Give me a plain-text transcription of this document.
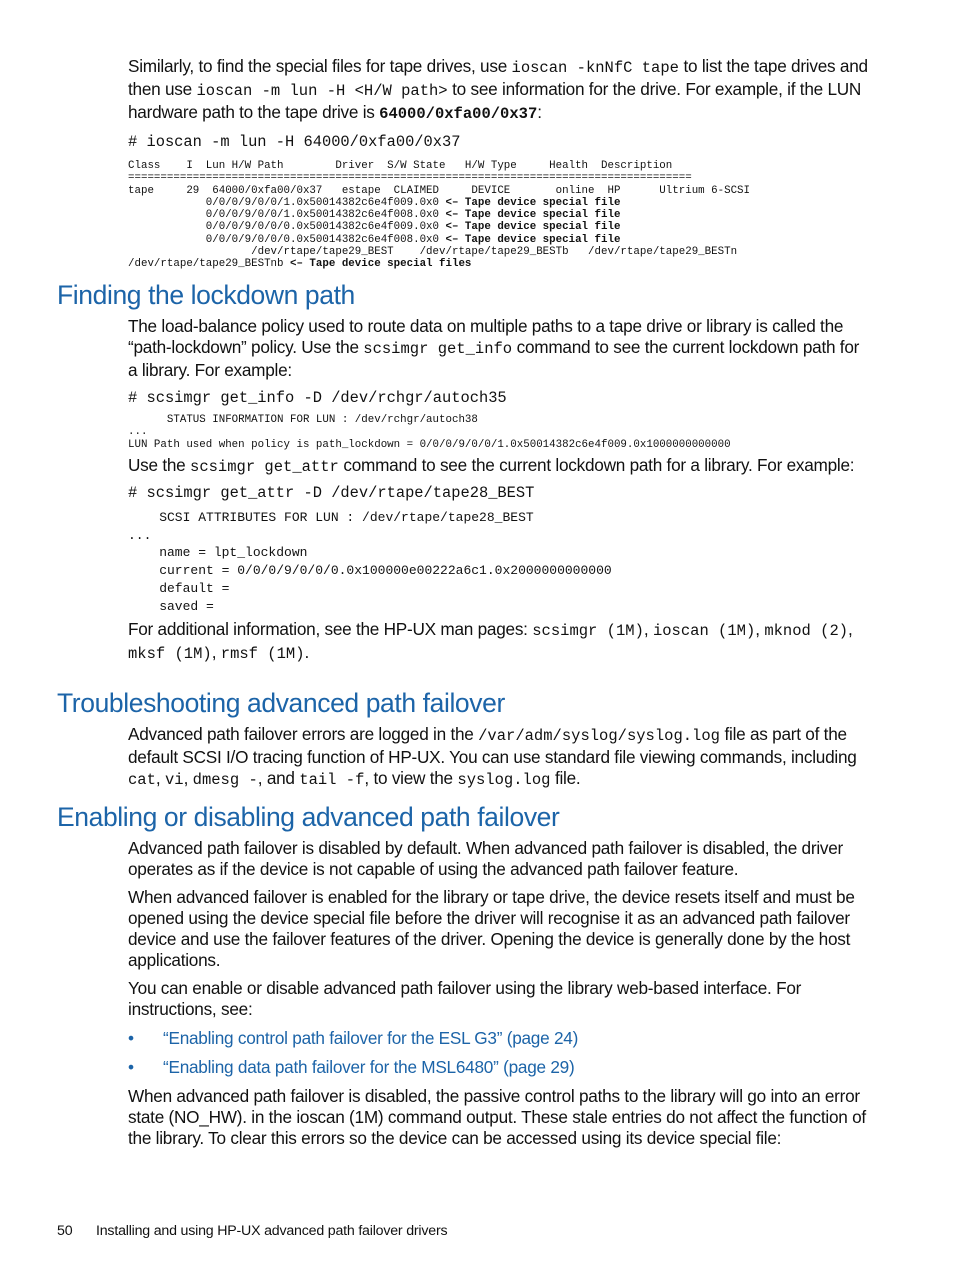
Similarly, to find the special files for tape drives, use ioscan -knNfC tape to list the tape drives and then use ioscan -m lun -H <H/W path> to see information for the drive. For example, if the LUN hardware path to the tape drive is 64000/0xfa00/0x37:

# ioscan -m lun -H 64000/0xfa00/0x37
Class    I  Lun H/W Path        Driver  S/W State   H/W Type     Health  Description
=======================================================================================
tape     29  64000/0xfa00/0x37   estape  CLAIMED     DEVICE       online  HP      Ultrium 6-SCSI
0/0/0/9/0/0/1.0x50014382c6e4f009.0x0 <– Tape device special file
0/0/0/9/0/0/1.0x50014382c6e4f008.0x0 <– Tape device special file
0/0/0/9/0/0/0.0x50014382c6e4f009.0x0 <– Tape device special file
0/0/0/9/0/0/0.0x50014382c6e4f008.0x0 <– Tape device special file
/dev/rtape/tape29_BEST    /dev/rtape/tape29_BESTb   /dev/rtape/tape29_BESTn
/dev/rtape/tape29_BESTnb <– Tape device special files
Finding the lockdown path

The load-balance policy used to route data on multiple paths to a tape drive or library is called the “path-lockdown” policy. Use the scsimgr get_info command to see the current lockdown path for a library. For example:

# scsimgr get_info -D /dev/rchgr/autoch35
STATUS INFORMATION FOR LUN : /dev/rchgr/autoch38
...
LUN Path used when policy is path_lockdown = 0/0/0/9/0/0/1.0x50014382c6e4f009.0x1000000000000

Use the scsimgr get_attr command to see the current lockdown path for a library. For example:

# scsimgr get_attr -D /dev/rtape/tape28_BEST
SCSI ATTRIBUTES FOR LUN : /dev/rtape/tape28_BEST
...
name = lpt_lockdown
current = 0/0/0/9/0/0/0.0x100000e00222a6c1.0x2000000000000
default =
saved =

For additional information, see the HP-UX man pages: scsimgr (1M), ioscan (1M), mknod (2), mksf (1M), rmsf (1M).

Troubleshooting advanced path failover

Advanced path failover errors are logged in the /var/adm/syslog/syslog.log file as part of the default SCSI I/O tracing function of HP-UX. You can use standard file viewing commands, including cat, vi, dmesg -, and tail -f, to view the syslog.log file.

Enabling or disabling advanced path failover

Advanced path failover is disabled by default. When advanced path failover is disabled, the driver operates as if the device is not capable of using the advanced path failover feature.

When advanced failover is enabled for the library or tape drive, the device resets itself and must be opened using the device special file before the driver will recognise it as an advanced path failover device and use the failover features of the driver. Opening the device is generally done by the host applications.

You can enable or disable advanced path failover using the library web-based interface. For instructions, see:

• “Enabling control path failover for the ESL G3” (page 24)
• “Enabling data path failover for the MSL6480” (page 29)

When advanced path failover is disabled, the passive control paths to the library will go into an error state (NO_HW). in the ioscan (1M) command output. These stale entries do not affect the function of the library. To clear this errors so the device can be accessed using its device special file:

50 Installing and using HP-UX advanced path failover drivers
